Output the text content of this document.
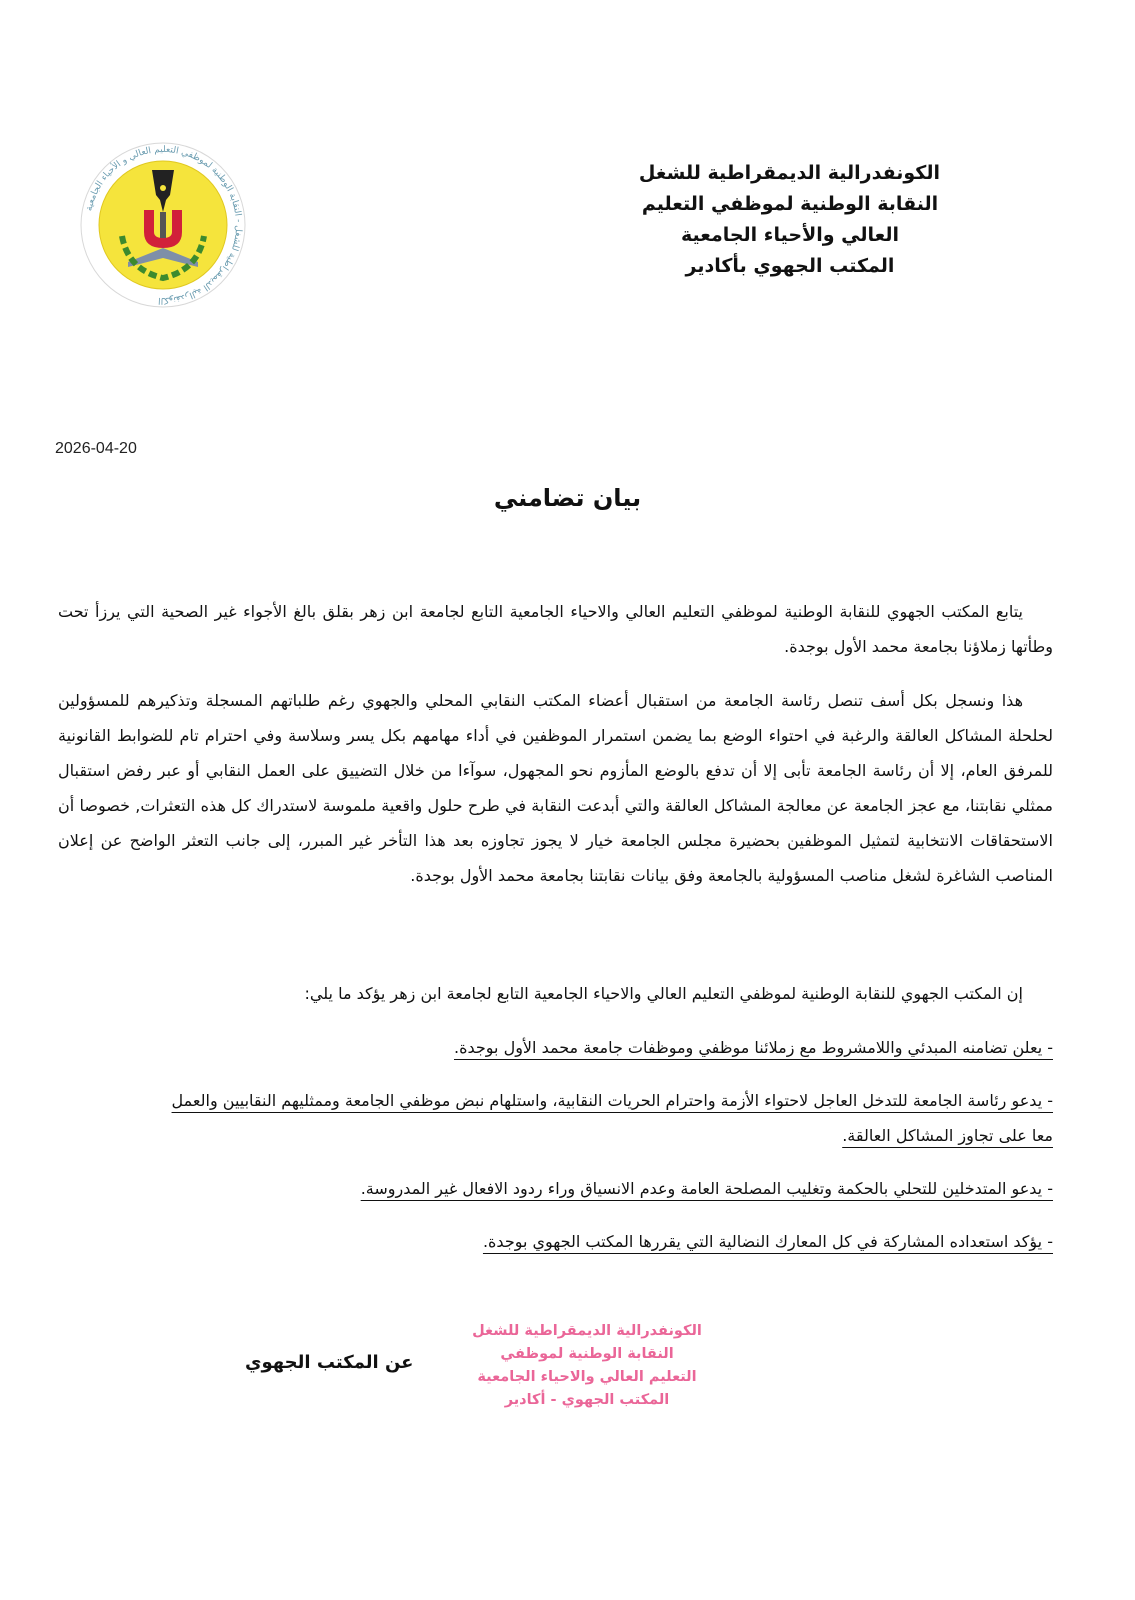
الكونفدرالية الديمقراطية للشغل - النقابة الوطنية لموظفي التعليم العالي و الأحياء الجامعية
الكونفدرالية الديمقراطية للشغل
النقابة الوطنية لموظفي التعليم
العالي والأحياء الجامعية
المكتب الجهوي بأكادير
2026-04-20
بيان تضامني
يتابع المكتب الجهوي للنقابة الوطنية لموظفي التعليم العالي والاحياء الجامعية التابع لجامعة ابن زهر بقلق بالغ الأجواء غير الصحية التي يرزأ تحت وطأتها زملاؤنا بجامعة محمد الأول بوجدة.
هذا ونسجل بكل أسف تنصل رئاسة الجامعة من استقبال أعضاء المكتب النقابي المحلي والجهوي رغم طلباتهم المسجلة وتذكيرهم للمسؤولين لحلحلة المشاكل العالقة والرغبة في احتواء الوضع بما يضمن استمرار الموظفين في أداء مهامهم بكل يسر وسلاسة وفي احترام تام للضوابط القانونية للمرفق العام، إلا أن رئاسة الجامعة تأبى إلا أن تدفع بالوضع المأزوم نحو المجهول، سوآءا من خلال التضييق على العمل النقابي أو عبر رفض استقبال ممثلي نقابتنا، مع عجز الجامعة عن معالجة المشاكل العالقة والتي أبدعت النقابة في طرح حلول واقعية ملموسة لاستدراك كل هذه التعثرات, خصوصا أن الاستحقاقات الانتخابية لتمثيل الموظفين بحضيرة مجلس الجامعة خيار لا يجوز تجاوزه بعد هذا التأخر غير المبرر، إلى جانب التعثر الواضح عن إعلان المناصب الشاغرة لشغل مناصب المسؤولية بالجامعة وفق بيانات نقابتنا بجامعة محمد الأول بوجدة.
إن المكتب الجهوي للنقابة الوطنية لموظفي التعليم العالي والاحياء الجامعية التابع لجامعة ابن زهر يؤكد ما يلي:
- يعلن تضامنه المبدئي واللامشروط مع زملائنا موظفي وموظفات جامعة محمد الأول بوجدة.
- يدعو رئاسة الجامعة للتدخل العاجل لاحتواء الأزمة واحترام الحريات النقابية، واستلهام نبض موظفي الجامعة وممثليهم النقابيين والعمل معا على تجاوز المشاكل العالقة.
- يدعو المتدخلين للتحلي بالحكمة وتغليب المصلحة العامة وعدم الانسياق وراء ردود الافعال غير المدروسة.
- يؤكد استعداده المشاركة في كل المعارك النضالية التي يقررها المكتب الجهوي بوجدة.
عن المكتب الجهوي
الكونفدرالية الديمقراطية للشغل
النقابة الوطنية لموظفي
التعليم العالي والاحياء الجامعية
المكتب الجهوي - أكادير
